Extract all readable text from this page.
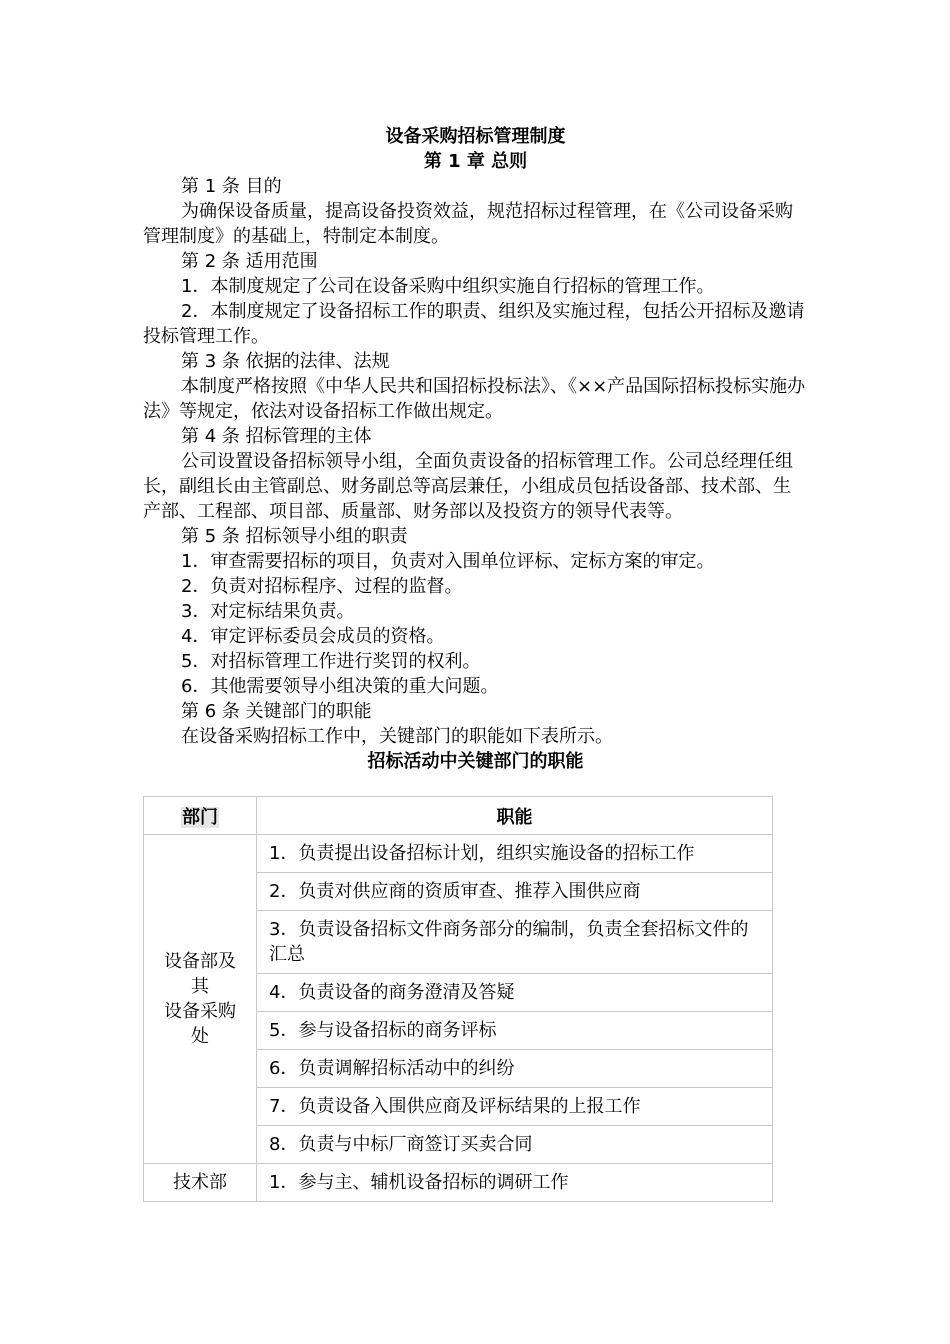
设备采购招标管理制度
第 1 章 总则

第 1 条 目的

为确保设备质量，提高设备投资效益，规范招标过程管理，在《公司设备采购管理制度》的基础上，特制定本制度。

第 2 条 适用范围

1．本制度规定了公司在设备采购中组织实施自行招标的管理工作。

2．本制度规定了设备招标工作的职责、组织及实施过程，包括公开招标及邀请投标管理工作。

第 3 条 依据的法律、法规

本制度严格按照《中华人民共和国招标投标法》、《××产品国际招标投标实施办法》等规定，依法对设备招标工作做出规定。

第 4 条 招标管理的主体

公司设置设备招标领导小组，全面负责设备的招标管理工作。公司总经理任组长，副组长由主管副总、财务副总等高层兼任，小组成员包括设备部、技术部、生产部、工程部、项目部、质量部、财务部以及投资方的领导代表等。

第 5 条 招标领导小组的职责

1．审查需要招标的项目，负责对入围单位评标、定标方案的审定。

2．负责对招标程序、过程的监督。

3．对定标结果负责。

4．审定评标委员会成员的资格。

5．对招标管理工作进行奖罚的权利。

6．其他需要领导小组决策的重大问题。

第 6 条 关键部门的职能

在设备采购招标工作中，关键部门的职能如下表所示。

招标活动中关键部门的职能
部门	职能

设备部及
其
设备采购
处	1．负责提出设备招标计划，组织实施设备的招标工作
	2．负责对供应商的资质审查、推荐入围供应商
	3．负责设备招标文件商务部分的编制，负责全套招标文件的汇总
	4．负责设备的商务澄清及答疑
	5．参与设备招标的商务评标
	6．负责调解招标活动中的纠纷
	7．负责设备入围供应商及评标结果的上报工作
	8．负责与中标厂商签订买卖合同

技术部	1．参与主、辅机设备招标的调研工作
